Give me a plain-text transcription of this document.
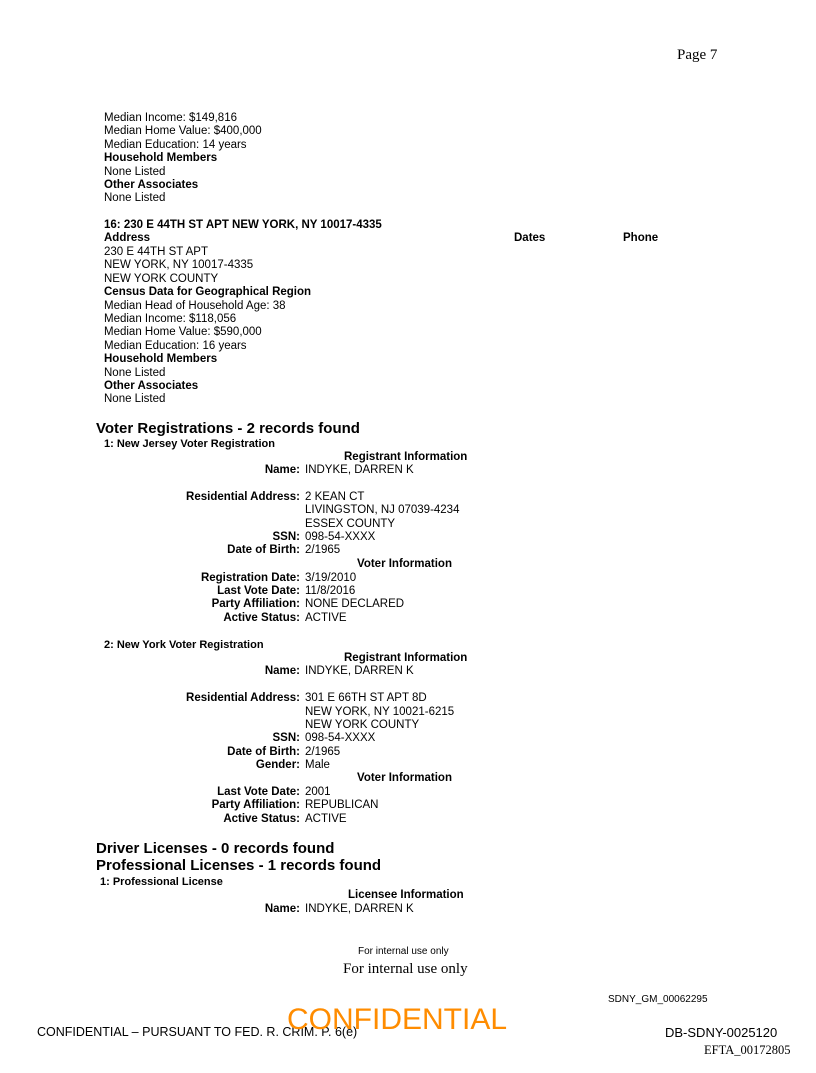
Page 7
Median Income: $149,816
Median Home Value: $400,000
Median Education: 14 years
Household Members
None Listed
Other Associates
None Listed
16: 230 E 44TH ST APT NEW YORK, NY 10017-4335
Address	Dates	Phone
230 E 44TH ST APT
NEW YORK, NY 10017-4335
NEW YORK COUNTY
Census Data for Geographical Region
Median Head of Household Age: 38
Median Income: $118,056
Median Home Value: $590,000
Median Education: 16 years
Household Members
None Listed
Other Associates
None Listed
Voter Registrations - 2 records found
1: New Jersey Voter Registration
Registrant Information
Name: INDYKE, DARREN K
Residential Address: 2 KEAN CT
LIVINGSTON, NJ 07039-4234
ESSEX COUNTY
SSN: 098-54-XXXX
Date of Birth: 2/1965
Voter Information
Registration Date: 3/19/2010
Last Vote Date: 11/8/2016
Party Affiliation: NONE DECLARED
Active Status: ACTIVE
2: New York Voter Registration
Registrant Information
Name: INDYKE, DARREN K
Residential Address: 301 E 66TH ST APT 8D
NEW YORK, NY 10021-6215
NEW YORK COUNTY
SSN: 098-54-XXXX
Date of Birth: 2/1965
Gender: Male
Voter Information
Last Vote Date: 2001
Party Affiliation: REPUBLICAN
Active Status: ACTIVE
Driver Licenses - 0 records found
Professional Licenses - 1 records found
1: Professional License
Licensee Information
Name: INDYKE, DARREN K
For internal use only
For internal use only
SDNY_GM_00062295
CONFIDENTIAL – PURSUANT TO FED. R. CRIM. P. 6(e)
CONFIDENTIAL	DB-SDNY-0025120
EFTA_00172805
